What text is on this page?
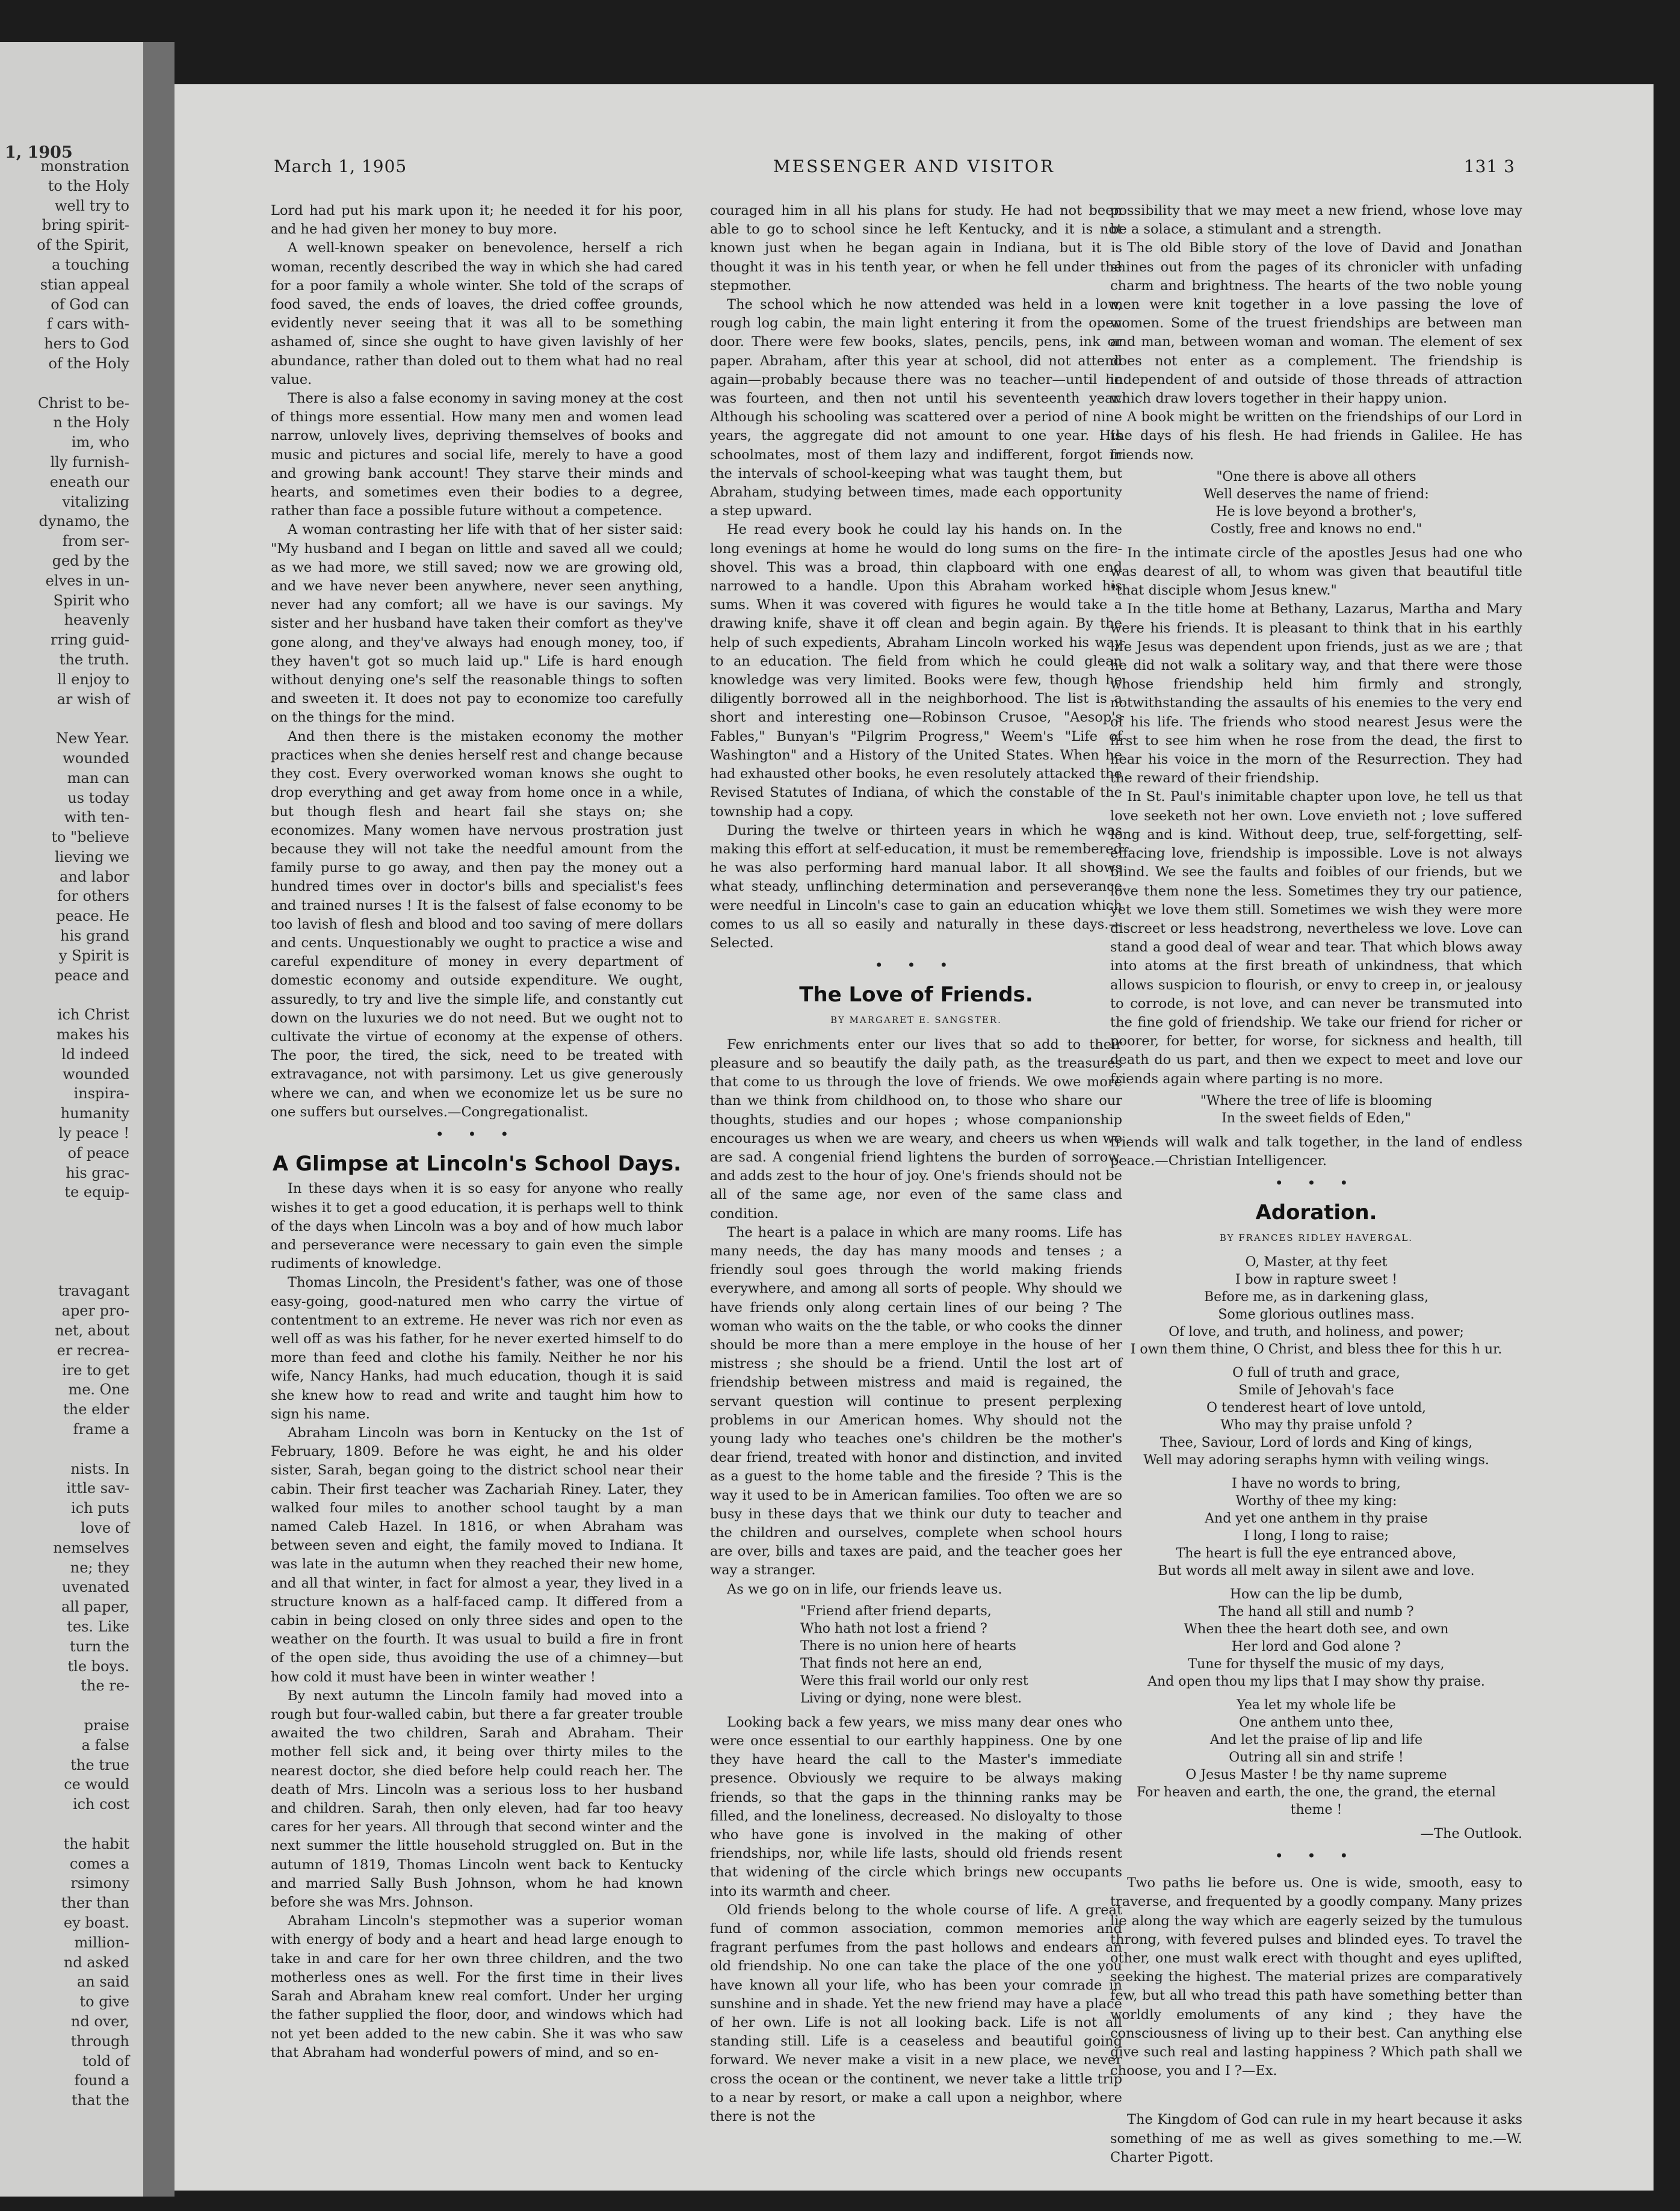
1, 1905
monstration
to the Holy
well try to
bring spirit-
of the Spirit,
a touching
stian appeal
of God can
f cars with-
hers to God
of the Holy
Christ to be-
n the Holy
im, who
lly furnish-
eneath our
vitalizing
dynamo, the
from ser-
ged by the
elves in un-
Spirit who
heavenly
rring guid-
the truth.
ll enjoy to
ar wish of
New Year.
wounded
man can
us today
with ten-
to "believe
lieving we
and labor
for others
peace. He
his grand
y Spirit is
peace and
ich Christ
makes his
ld indeed
wounded
inspira-
humanity
ly peace !
of peace
his grac-
te equip-
travagant
aper pro-
net, about
er recrea-
ire to get
me. One
the elder
frame a
nists. In
ittle sav-
ich puts
love of
nemselves
ne; they
uvenated
all paper,
tes. Like
turn the
tle boys.
the re-
praise
a false
the true
ce would
ich cost
the habit
comes a
rsimony
ther than
ey boast.
million-
nd asked
an said
to give
nd over,
through
told of
found a
that the
March 1, 1905	MESSENGER AND VISITOR	131 3

Lord had put his mark upon it; he needed it for his poor, and he had given her money to buy more.

A well-known speaker on benevolence, herself a rich woman, recently described the way in which she had cared for a poor family a whole winter. She told of the scraps of food saved, the ends of loaves, the dried coffee grounds, evidently never seeing that it was all to be something ashamed of, since she ought to have given lavishly of her abundance, rather than doled out to them what had no real value.

There is also a false economy in saving money at the cost of things more essential. How many men and women lead narrow, unlovely lives, depriving themselves of books and music and pictures and social life, merely to have a good and growing bank account! They starve their minds and hearts, and sometimes even their bodies to a degree, rather than face a possible future without a competence.

A woman contrasting her life with that of her sister said: "My husband and I began on little and saved all we could; as we had more, we still saved; now we are growing old, and we have never been anywhere, never seen anything, never had any comfort; all we have is our savings. My sister and her husband have taken their comfort as they've gone along, and they've always had enough money, too, if they haven't got so much laid up." Life is hard enough without denying one's self the reasonable things to soften and sweeten it. It does not pay to economize too carefully on the things for the mind.

And then there is the mistaken economy the mother practices when she denies herself rest and change because they cost. Every overworked woman knows she ought to drop everything and get away from home once in a while, but though flesh and heart fail she stays on; she economizes. Many women have nervous prostration just because they will not take the needful amount from the family purse to go away, and then pay the money out a hundred times over in doctor's bills and specialist's fees and trained nurses ! It is the falsest of false economy to be too lavish of flesh and blood and too saving of mere dollars and cents. Unquestionably we ought to practice a wise and careful expenditure of money in every department of domestic economy and outside expenditure. We ought, assuredly, to try and live the simple life, and constantly cut down on the luxuries we do not need. But we ought not to cultivate the virtue of economy at the expense of others. The poor, the tired, the sick, need to be treated with extravagance, not with parsimony. Let us give generously where we can, and when we economize let us be sure no one suffers but ourselves.—Congregationalist.

• • •
A Glimpse at Lincoln's School Days.

In these days when it is so easy for anyone who really wishes it to get a good education, it is perhaps well to think of the days when Lincoln was a boy and of how much labor and perseverance were necessary to gain even the simple rudiments of knowledge.

Thomas Lincoln, the President's father, was one of those easy-going, good-natured men who carry the virtue of contentment to an extreme. He never was rich nor even as well off as was his father, for he never exerted himself to do more than feed and clothe his family. Neither he nor his wife, Nancy Hanks, had much education, though it is said she knew how to read and write and taught him how to sign his name.

Abraham Lincoln was born in Kentucky on the 1st of February, 1809. Before he was eight, he and his older sister, Sarah, began going to the district school near their cabin. Their first teacher was Zachariah Riney. Later, they walked four miles to another school taught by a man named Caleb Hazel. In 1816, or when Abraham was between seven and eight, the family moved to Indiana. It was late in the autumn when they reached their new home, and all that winter, in fact for almost a year, they lived in a structure known as a half-faced camp. It differed from a cabin in being closed on only three sides and open to the weather on the fourth. It was usual to build a fire in front of the open side, thus avoiding the use of a chimney—but how cold it must have been in winter weather !

By next autumn the Lincoln family had moved into a rough but four-walled cabin, but there a far greater trouble awaited the two children, Sarah and Abraham. Their mother fell sick and, it being over thirty miles to the nearest doctor, she died before help could reach her. The death of Mrs. Lincoln was a serious loss to her husband and children. Sarah, then only eleven, had far too heavy cares for her years. All through that second winter and the next summer the little household struggled on. But in the autumn of 1819, Thomas Lincoln went back to Kentucky and married Sally Bush Johnson, whom he had known before she was Mrs. Johnson.

Abraham Lincoln's stepmother was a superior woman with energy of body and a heart and head large enough to take in and care for her own three children, and the two motherless ones as well. For the first time in their lives Sarah and Abraham knew real comfort. Under her urging the father supplied the floor, door, and windows which had not yet been added to the new cabin. She it was who saw that Abraham had wonderful powers of mind, and so en-

couraged him in all his plans for study. He had not been able to go to school since he left Kentucky, and it is not known just when he began again in Indiana, but it is thought it was in his tenth year, or when he fell under the stepmother.

The school which he now attended was held in a low, rough log cabin, the main light entering it from the open door. There were few books, slates, pencils, pens, ink or paper. Abraham, after this year at school, did not attend again—probably because there was no teacher—until he was fourteen, and then not until his seventeenth year. Although his schooling was scattered over a period of nine years, the aggregate did not amount to one year. His schoolmates, most of them lazy and indifferent, forgot in the intervals of school-keeping what was taught them, but Abraham, studying between times, made each opportunity a step upward.

He read every book he could lay his hands on. In the long evenings at home he would do long sums on the fire-shovel. This was a broad, thin clapboard with one end narrowed to a handle. Upon this Abraham worked his sums. When it was covered with figures he would take a drawing knife, shave it off clean and begin again. By the help of such expedients, Abraham Lincoln worked his way to an education. The field from which he could glean knowledge was very limited. Books were few, though he diligently borrowed all in the neighborhood. The list is a short and interesting one—Robinson Crusoe, "Aesop's Fables," Bunyan's "Pilgrim Progress," Weem's "Life of Washington" and a History of the United States. When he had exhausted other books, he even resolutely attacked the Revised Statutes of Indiana, of which the constable of the township had a copy.

During the twelve or thirteen years in which he was making this effort at self-education, it must be remembered he was also performing hard manual labor. It all shows what steady, unflinching determination and perseverance were needful in Lincoln's case to gain an education which comes to us all so easily and naturally in these days.—Selected.

• • •
The Love of Friends.
BY MARGARET E. SANGSTER.

Few enrichments enter our lives that so add to their pleasure and so beautify the daily path, as the treasures that come to us through the love of friends. We owe more than we think from childhood on, to those who share our thoughts, studies and our hopes ; whose companionship encourages us when we are weary, and cheers us when we are sad. A congenial friend lightens the burden of sorrow, and adds zest to the hour of joy. One's friends should not be all of the same age, nor even of the same class and condition.

The heart is a palace in which are many rooms. Life has many needs, the day has many moods and tenses ; a friendly soul goes through the world making friends everywhere, and among all sorts of people. Why should we have friends only along certain lines of our being ? The woman who waits on the the table, or who cooks the dinner should be more than a mere employe in the house of her mistress ; she should be a friend. Until the lost art of friendship between mistress and maid is regained, the servant question will continue to present perplexing problems in our American homes. Why should not the young lady who teaches one's children be the mother's dear friend, treated with honor and distinction, and invited as a guest to the home table and the fireside ? This is the way it used to be in American families. Too often we are so busy in these days that we think our duty to teacher and the children and ourselves, complete when school hours are over, bills and taxes are paid, and the teacher goes her way a stranger.

As we go on in life, our friends leave us.

"Friend after friend departs,
Who hath not lost a friend ?
There is no union here of hearts
That finds not here an end,
Were this frail world our only rest
Living or dying, none were blest.

Looking back a few years, we miss many dear ones who were once essential to our earthly happiness. One by one they have heard the call to the Master's immediate presence. Obviously we require to be always making friends, so that the gaps in the thinning ranks may be filled, and the loneliness, decreased. No disloyalty to those who have gone is involved in the making of other friendships, nor, while life lasts, should old friends resent that widening of the circle which brings new occupants into its warmth and cheer.

Old friends belong to the whole course of life. A great fund of common association, common memories and fragrant perfumes from the past hollows and endears an old friendship. No one can take the place of the one you have known all your life, who has been your comrade in sunshine and in shade. Yet the new friend may have a place of her own. Life is not all looking back. Life is not all standing still. Life is a ceaseless and beautiful going forward. We never make a visit in a new place, we never cross the ocean or the continent, we never take a little trip to a near by resort, or make a call upon a neighbor, where there is not the

possibility that we may meet a new friend, whose love may be a solace, a stimulant and a strength.

The old Bible story of the love of David and Jonathan shines out from the pages of its chronicler with unfading charm and brightness. The hearts of the two noble young men were knit together in a love passing the love of women. Some of the truest friendships are between man and man, between woman and woman. The element of sex does not enter as a complement. The friendship is independent of and outside of those threads of attraction which draw lovers together in their happy union.

A book might be written on the friendships of our Lord in the days of his flesh. He had friends in Galilee. He has friends now.

"One there is above all others
Well deserves the name of friend:
He is love beyond a brother's,
Costly, free and knows no end."

In the intimate circle of the apostles Jesus had one who was dearest of all, to whom was given that beautiful title "that disciple whom Jesus knew."

In the title home at Bethany, Lazarus, Martha and Mary were his friends. It is pleasant to think that in his earthly life Jesus was dependent upon friends, just as we are ; that he did not walk a solitary way, and that there were those whose friendship held him firmly and strongly, notwithstanding the assaults of his enemies to the very end of his life. The friends who stood nearest Jesus were the first to see him when he rose from the dead, the first to hear his voice in the morn of the Resurrection. They had the reward of their friendship.

In St. Paul's inimitable chapter upon love, he tell us that love seeketh not her own. Love envieth not ; love suffered long and is kind. Without deep, true, self-forgetting, self-effacing love, friendship is impossible. Love is not always blind. We see the faults and foibles of our friends, but we love them none the less. Sometimes they try our patience, yet we love them still. Sometimes we wish they were more discreet or less headstrong, nevertheless we love. Love can stand a good deal of wear and tear. That which blows away into atoms at the first breath of unkindness, that which allows suspicion to flourish, or envy to creep in, or jealousy to corrode, is not love, and can never be transmuted into the fine gold of friendship. We take our friend for richer or poorer, for better, for worse, for sickness and health, till death do us part, and then we expect to meet and love our friends again where parting is no more.

"Where the tree of life is blooming
In the sweet fields of Eden,"

friends will walk and talk together, in the land of endless peace.—Christian Intelligencer.

• • •
Adoration.
BY FRANCES RIDLEY HAVERGAL.
O, Master, at thy feet
I bow in rapture sweet !
Before me, as in darkening glass,
Some glorious outlines mass.
Of love, and truth, and holiness, and power;
I own them thine, O Christ, and bless thee for this h ur.
O full of truth and grace,
Smile of Jehovah's face
O tenderest heart of love untold,
Who may thy praise unfold ?
Thee, Saviour, Lord of lords and King of kings,
Well may adoring seraphs hymn with veiling wings.
I have no words to bring,
Worthy of thee my king:
And yet one anthem in thy praise
I long, I long to raise;
The heart is full the eye entranced above,
But words all melt away in silent awe and love.
How can the lip be dumb,
The hand all still and numb ?
When thee the heart doth see, and own
Her lord and God alone ?
Tune for thyself the music of my days,
And open thou my lips that I may show thy praise.
Yea let my whole life be
One anthem unto thee,
And let the praise of lip and life
Outring all sin and strife !
O Jesus Master ! be thy name supreme
For heaven and earth, the one, the grand, the eternal
theme !
—The Outlook.
• • •

Two paths lie before us. One is wide, smooth, easy to traverse, and frequented by a goodly company. Many prizes lie along the way which are eagerly seized by the tumulous throng, with fevered pulses and blinded eyes. To travel the other, one must walk erect with thought and eyes uplifted, seeking the highest. The material prizes are comparatively few, but all who tread this path have something better than worldly emoluments of any kind ; they have the consciousness of living up to their best. Can anything else give such real and lasting happiness ? Which path shall we choose, you and I ?—Ex.

The Kingdom of God can rule in my heart because it asks something of me as well as gives something to me.—W. Charter Pigott.
